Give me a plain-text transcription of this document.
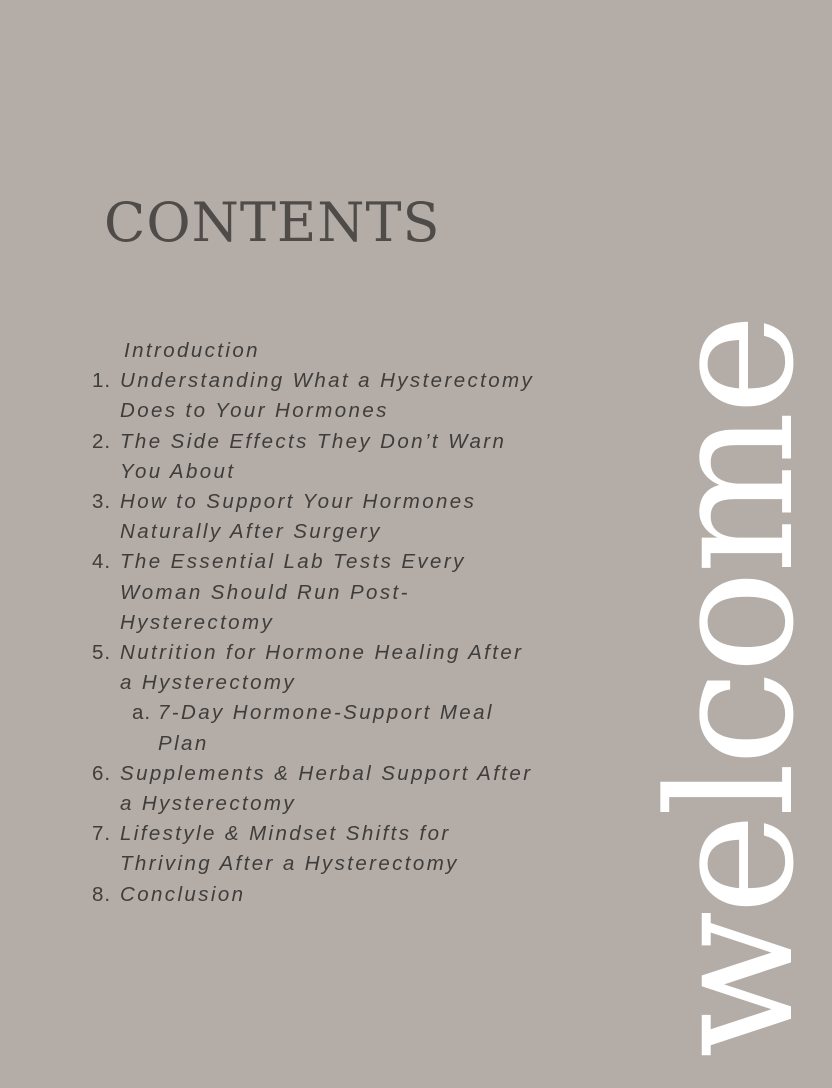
CONTENTS
Introduction
1. Understanding What a Hysterectomy Does to Your Hormones
2. The Side Effects They Don’t Warn You About
3. How to Support Your Hormones Naturally After Surgery
4. The Essential Lab Tests Every Woman Should Run Post-Hysterectomy
5. Nutrition for Hormone Healing After a Hysterectomy
a. 7-Day Hormone-Support Meal Plan
6. Supplements & Herbal Support After a Hysterectomy
7. Lifestyle & Mindset Shifts for Thriving After a Hysterectomy
8. Conclusion	welcome
